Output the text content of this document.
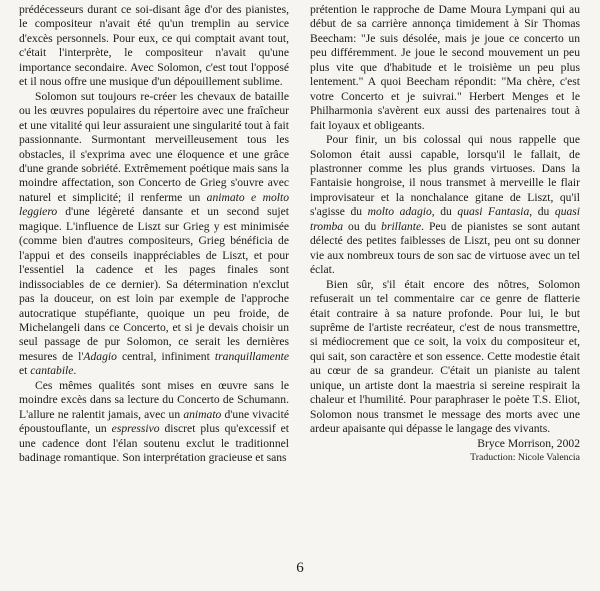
prédécesseurs durant ce soi-disant âge d'or des pianistes, le compositeur n'avait été qu'un tremplin au service d'excès personnels. Pour eux, ce qui comptait avant tout, c'était l'interprète, le compositeur n'avait qu'une importance secondaire. Avec Solomon, c'est tout l'opposé et il nous offre une musique d'un dépouillement sublime.

Solomon sut toujours re-créer les chevaux de bataille ou les œuvres populaires du répertoire avec une fraîcheur et une vitalité qui leur assuraient une singularité tout à fait passionnante. Surmontant merveilleusement tous les obstacles, il s'exprima avec une éloquence et une grâce d'une grande sobriété. Extrêmement poétique mais sans la moindre affectation, son Concerto de Grieg s'ouvre avec naturel et simplicité; il renferme un animato e molto leggiero d'une légèreté dansante et un second sujet magique. L'influence de Liszt sur Grieg y est minimisée (comme bien d'autres compositeurs, Grieg bénéficia de l'appui et des conseils inappréciables de Liszt, et pour l'essentiel la cadence et les pages finales sont indissociables de ce dernier). Sa détermination n'exclut pas la douceur, on est loin par exemple de l'approche autocratique stupéfiante, quoique un peu froide, de Michelangeli dans ce Concerto, et si je devais choisir un seul passage de pur Solomon, ce serait les dernières mesures de l'Adagio central, infiniment tranquillamente et cantabile.

Ces mêmes qualités sont mises en œuvre sans le moindre excès dans sa lecture du Concerto de Schumann. L'allure ne ralentit jamais, avec un animato d'une vivacité époustouflante, un espressivo discret plus qu'excessif et une cadence dont l'élan soutenu exclut le traditionnel badinage romantique. Son interprétation gracieuse et sans

prétention le rapproche de Dame Moura Lympani qui au début de sa carrière annonça timidement à Sir Thomas Beecham: "Je suis désolée, mais je joue ce concerto un peu différemment. Je joue le second mouvement un peu plus vite que d'habitude et le troisième un peu plus lentement." A quoi Beecham répondit: "Ma chère, c'est votre Concerto et je suivrai." Herbert Menges et le Philharmonia s'avèrent eux aussi des partenaires tout à fait loyaux et obligeants.

Pour finir, un bis colossal qui nous rappelle que Solomon était aussi capable, lorsqu'il le fallait, de plastronner comme les plus grands virtuoses. Dans la Fantaisie hongroise, il nous transmet à merveille le flair improvisateur et la nonchalance gitane de Liszt, qu'il s'agisse du molto adagio, du quasi Fantasia, du quasi tromba ou du brillante. Peu de pianistes se sont autant délecté des petites faiblesses de Liszt, peu ont su donner vie aux nombreux tours de son sac de virtuose avec un tel éclat.

Bien sûr, s'il était encore des nôtres, Solomon refuserait un tel commentaire car ce genre de flatterie était contraire à sa nature profonde. Pour lui, le but suprême de l'artiste recréateur, c'est de nous transmettre, si médiocrement que ce soit, la voix du compositeur et, qui sait, son caractère et son essence. Cette modestie était au cœur de sa grandeur. C'était un pianiste au talent unique, un artiste dont la maestria si sereine respirait la chaleur et l'humilité. Pour paraphraser le poète T.S. Eliot, Solomon nous transmet le message des morts avec une ardeur apaisante qui dépasse le langage des vivants.

Bryce Morrison, 2002

Traduction: Nicole Valencia

6
